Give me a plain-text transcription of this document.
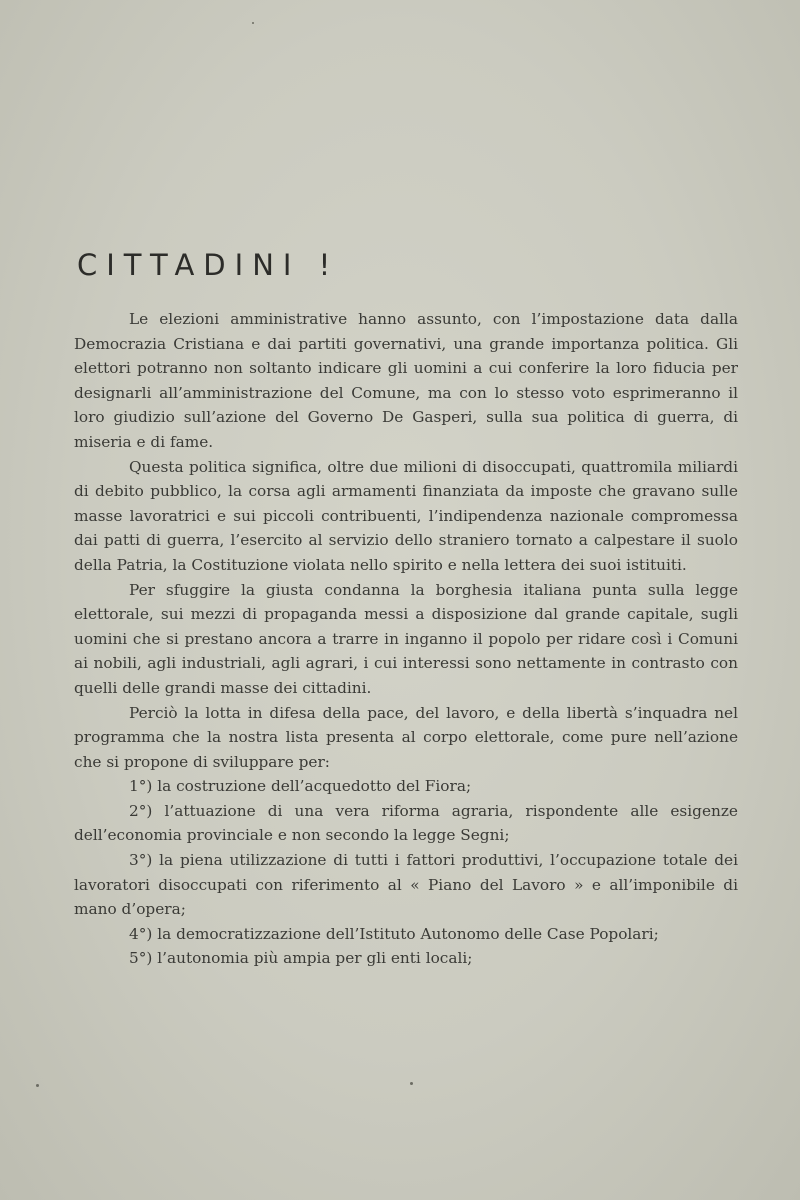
CITTADINI !

Le elezioni amministrative hanno assunto, con l’impostazione data dalla Democrazia Cristiana e dai partiti governativi, una grande importanza politica. Gli elettori potranno non soltanto indicare gli uomini a cui conferire la loro fiducia per designarli all’amministrazione del Comune, ma con lo stesso voto esprimeranno il loro giudizio sull’azione del Governo De Gasperi, sulla sua politica di guerra, di miseria e di fame.

Questa politica significa, oltre due milioni di disoccupati, quattromila miliardi di debito pubblico, la corsa agli armamenti finanziata da imposte che gravano sulle masse lavoratrici e sui piccoli contribuenti, l’indipendenza nazionale compromessa dai patti di guerra, l’esercito al servizio dello straniero tornato a calpestare il suolo della Patria, la Costituzione violata nello spirito e nella lettera dei suoi istituiti.

Per sfuggire la giusta condanna la borghesia italiana punta sulla legge elettorale, sui mezzi di propaganda messi a disposizione dal grande capitale, sugli uomini che si prestano ancora a trarre in inganno il popolo per ridare così i Comuni ai nobili, agli industriali, agli agrari, i cui interessi sono nettamente in contrasto con quelli delle grandi masse dei cittadini.

Perciò la lotta in difesa della pace, del lavoro, e della libertà s’inquadra nel programma che la nostra lista presenta al corpo elettorale, come pure nell’azione che si propone di sviluppare per:

1°) la costruzione dell’acquedotto del Fiora;

2°) l’attuazione di una vera riforma agraria, rispondente alle esigenze dell’economia provinciale e non secondo la legge Segni;

3°) la piena utilizzazione di tutti i fattori produttivi, l’occupazione totale dei lavoratori disoccupati con riferimento al « Piano del Lavoro » e all’imponibile di mano d’opera;

4°) la democratizzazione dell’Istituto Autonomo delle Case Popolari;

5°) l’autonomia più ampia per gli enti locali;
